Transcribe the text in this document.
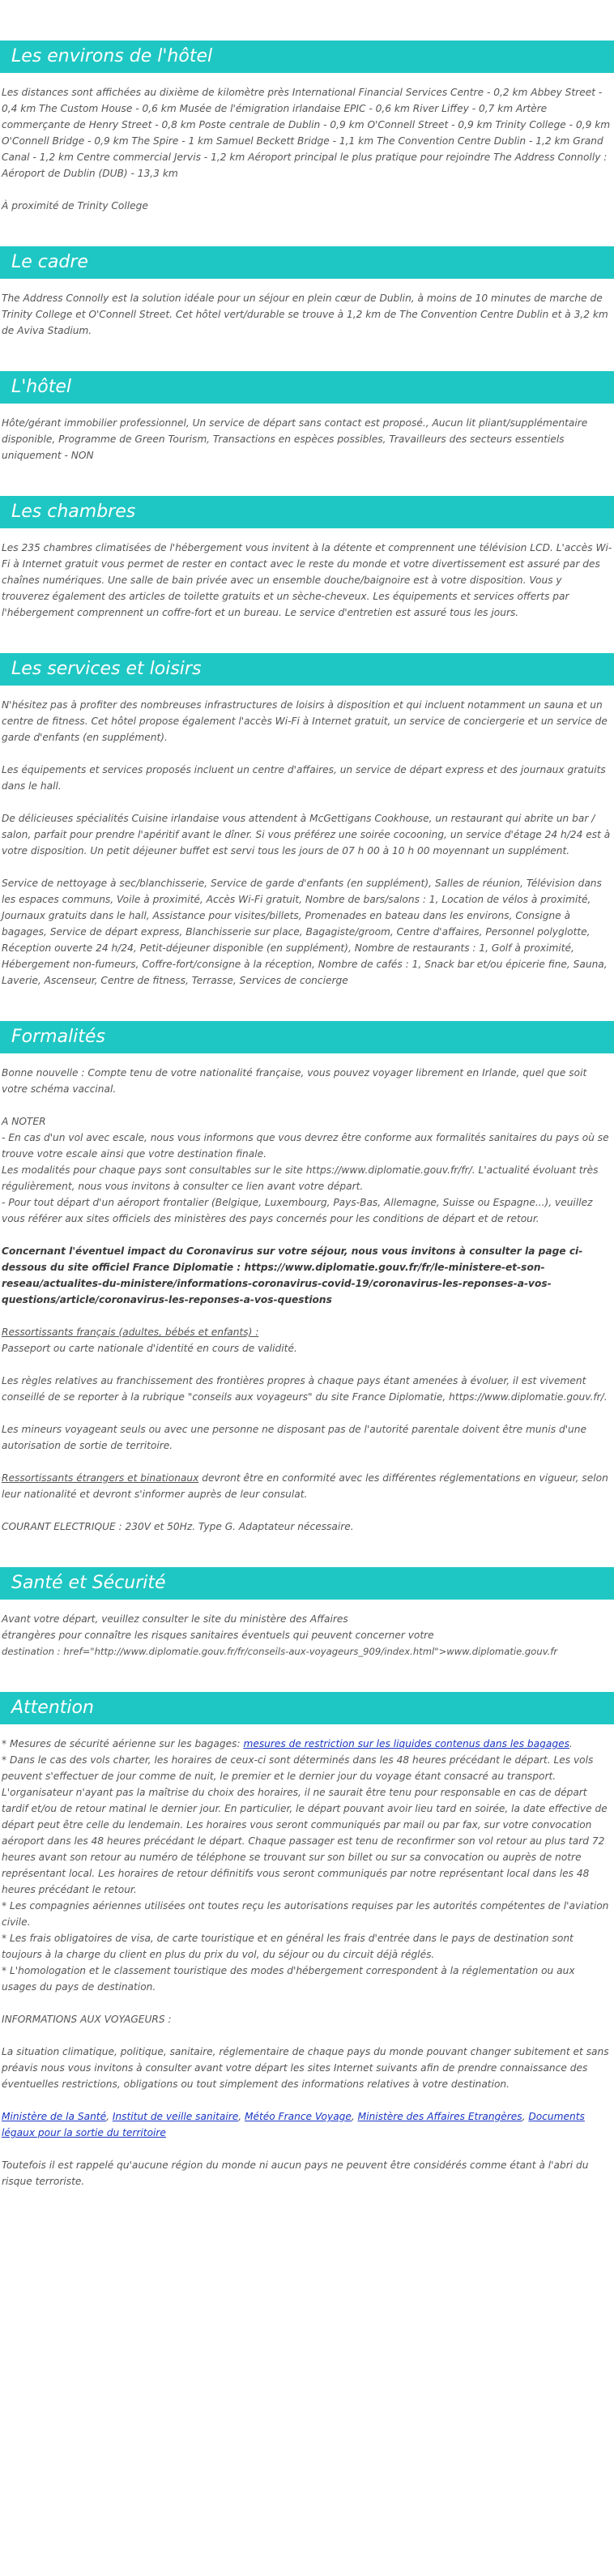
Les environs de l'hôtel

Les distances sont affichées au dixième de kilomètre près International Financial Services Centre - 0,2 km Abbey Street - 0,4 km The Custom House - 0,6 km Musée de l'émigration irlandaise EPIC - 0,6 km River Liffey - 0,7 km Artère commerçante de Henry Street - 0,8 km Poste centrale de Dublin - 0,9 km O'Connell Street - 0,9 km Trinity College - 0,9 km O'Connell Bridge - 0,9 km The Spire - 1 km Samuel Beckett Bridge - 1,1 km The Convention Centre Dublin - 1,2 km Grand Canal - 1,2 km Centre commercial Jervis - 1,2 km Aéroport principal le plus pratique pour rejoindre The Address Connolly : Aéroport de Dublin (DUB) - 13,3 km

À proximité de Trinity College

Le cadre

The Address Connolly est la solution idéale pour un séjour en plein cœur de Dublin, à moins de 10 minutes de marche de Trinity College et O'Connell Street. Cet hôtel vert/durable se trouve à 1,2 km de The Convention Centre Dublin et à 3,2 km de Aviva Stadium.

L'hôtel

Hôte/gérant immobilier professionnel, Un service de départ sans contact est proposé., Aucun lit pliant/supplémentaire disponible, Programme de Green Tourism, Transactions en espèces possibles, Travailleurs des secteurs essentiels uniquement - NON

Les chambres

Les 235 chambres climatisées de l'hébergement vous invitent à la détente et comprennent une télévision LCD. L'accès Wi-Fi à Internet gratuit vous permet de rester en contact avec le reste du monde et votre divertissement est assuré par des chaînes numériques. Une salle de bain privée avec un ensemble douche/baignoire est à votre disposition. Vous y trouverez également des articles de toilette gratuits et un sèche-cheveux. Les équipements et services offerts par l'hébergement comprennent un coffre-fort et un bureau. Le service d'entretien est assuré tous les jours.

Les services et loisirs

N'hésitez pas à profiter des nombreuses infrastructures de loisirs à disposition et qui incluent notamment un sauna et un centre de fitness. Cet hôtel propose également l'accès Wi-Fi à Internet gratuit, un service de conciergerie et un service de garde d'enfants (en supplément).

Les équipements et services proposés incluent un centre d'affaires, un service de départ express et des journaux gratuits dans le hall.

De délicieuses spécialités Cuisine irlandaise vous attendent à McGettigans Cookhouse, un restaurant qui abrite un bar / salon, parfait pour prendre l'apéritif avant le dîner. Si vous préférez une soirée cocooning, un service d'étage 24 h/24 est à votre disposition. Un petit déjeuner buffet est servi tous les jours de 07 h 00 à 10 h 00 moyennant un supplément.

Service de nettoyage à sec/blanchisserie, Service de garde d'enfants (en supplément), Salles de réunion, Télévision dans les espaces communs, Voile à proximité, Accès Wi-Fi gratuit, Nombre de bars/salons : 1, Location de vélos à proximité, Journaux gratuits dans le hall, Assistance pour visites/billets, Promenades en bateau dans les environs, Consigne à bagages, Service de départ express, Blanchisserie sur place, Bagagiste/groom, Centre d'affaires, Personnel polyglotte, Réception ouverte 24 h/24, Petit-déjeuner disponible (en supplément), Nombre de restaurants : 1, Golf à proximité, Hébergement non-fumeurs, Coffre-fort/consigne à la réception, Nombre de cafés : 1, Snack bar et/ou épicerie fine, Sauna, Laverie, Ascenseur, Centre de fitness, Terrasse, Services de concierge

Formalités

Bonne nouvelle : Compte tenu de votre nationalité française, vous pouvez voyager librement en Irlande, quel que soit votre schéma vaccinal.

A NOTER
- En cas d'un vol avec escale, nous vous informons que vous devrez être conforme aux formalités sanitaires du pays où se trouve votre escale ainsi que votre destination finale.
Les modalités pour chaque pays sont consultables sur le site https://www.diplomatie.gouv.fr/fr/. L'actualité évoluant très régulièrement, nous vous invitons à consulter ce lien avant votre départ.
- Pour tout départ d'un aéroport frontalier (Belgique, Luxembourg, Pays-Bas, Allemagne, Suisse ou Espagne...), veuillez vous référer aux sites officiels des ministères des pays concernés pour les conditions de départ et de retour.

Concernant l'éventuel impact du Coronavirus sur votre séjour, nous vous invitons à consulter la page ci-dessous du site officiel France Diplomatie : https://www.diplomatie.gouv.fr/fr/le-ministere-et-son-reseau/actualites-du-ministere/informations-coronavirus-covid-19/coronavirus-les-reponses-a-vos-questions/article/coronavirus-les-reponses-a-vos-questions

Ressortissants français (adultes, bébés et enfants) :
Passeport ou carte nationale d'identité en cours de validité.

Les règles relatives au franchissement des frontières propres à chaque pays étant amenées à évoluer, il est vivement conseillé de se reporter à la rubrique "conseils aux voyageurs" du site France Diplomatie, https://www.diplomatie.gouv.fr/.

Les mineurs voyageant seuls ou avec une personne ne disposant pas de l'autorité parentale doivent être munis d'une autorisation de sortie de territoire.

Ressortissants étrangers et binationaux devront être en conformité avec les différentes réglementations en vigueur, selon leur nationalité et devront s'informer auprès de leur consulat.

COURANT ELECTRIQUE : 230V et 50Hz. Type G. Adaptateur nécessaire.

Santé et Sécurité

Avant votre départ, veuillez consulter le site du ministère des Affaires
étrangères pour connaître les risques sanitaires éventuels qui peuvent concerner votre
destination : href="http://www.diplomatie.gouv.fr/fr/conseils-aux-voyageurs_909/index.html">www.diplomatie.gouv.fr

Attention

* Mesures de sécurité aérienne sur les bagages: mesures de restriction sur les liquides contenus dans les bagages.

* Dans le cas des vols charter, les horaires de ceux-ci sont déterminés dans les 48 heures précédant le départ. Les vols peuvent s'effectuer de jour comme de nuit, le premier et le dernier jour du voyage étant consacré au transport. L'organisateur n'ayant pas la maîtrise du choix des horaires, il ne saurait être tenu pour responsable en cas de départ tardif et/ou de retour matinal le dernier jour. En particulier, le départ pouvant avoir lieu tard en soirée, la date effective de départ peut être celle du lendemain. Les horaires vous seront communiqués par mail ou par fax, sur votre convocation aéroport dans les 48 heures précédant le départ. Chaque passager est tenu de reconfirmer son vol retour au plus tard 72 heures avant son retour au numéro de téléphone se trouvant sur son billet ou sur sa convocation ou auprès de notre représentant local. Les horaires de retour définitifs vous seront communiqués par notre représentant local dans les 48 heures précédant le retour.

* Les compagnies aériennes utilisées ont toutes reçu les autorisations requises par les autorités compétentes de l'aviation civile.

* Les frais obligatoires de visa, de carte touristique et en général les frais d'entrée dans le pays de destination sont toujours à la charge du client en plus du prix du vol, du séjour ou du circuit déjà réglés.

* L'homologation et le classement touristique des modes d'hébergement correspondent à la réglementation ou aux usages du pays de destination.

INFORMATIONS AUX VOYAGEURS :

La situation climatique, politique, sanitaire, réglementaire de chaque pays du monde pouvant changer subitement et sans préavis nous vous invitons à consulter avant votre départ les sites Internet suivants afin de prendre connaissance des éventuelles restrictions, obligations ou tout simplement des informations relatives à votre destination.

Ministère de la Santé, Institut de veille sanitaire, Météo France Voyage, Ministère des Affaires Etrangères, Documents légaux pour la sortie du territoire

Toutefois il est rappelé qu'aucune région du monde ni aucun pays ne peuvent être considérés comme étant à l'abri du risque terroriste.
